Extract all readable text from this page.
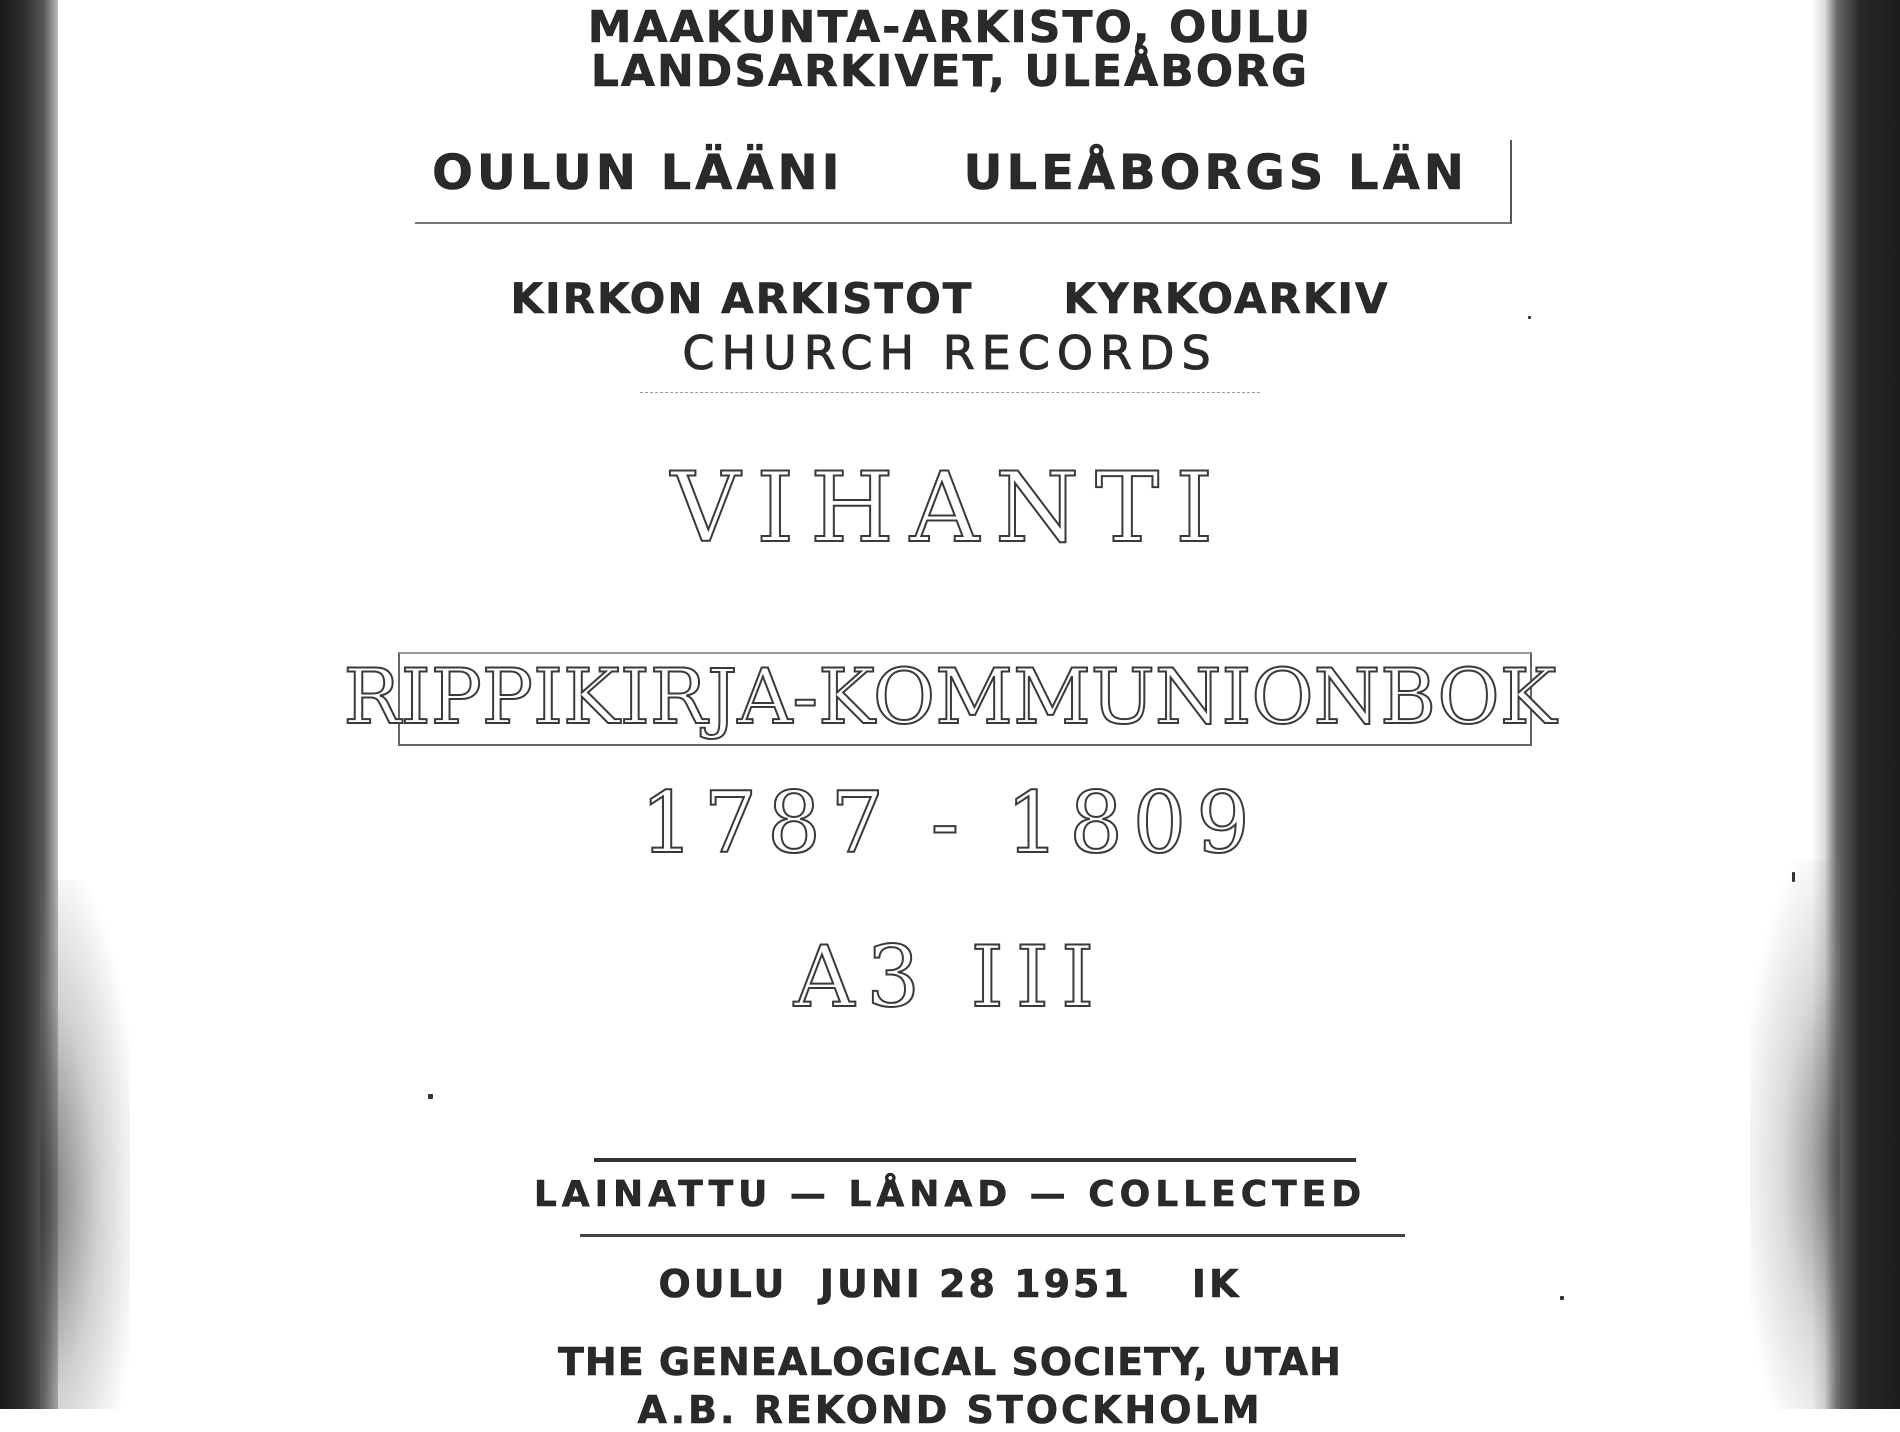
MAAKUNTA-ARKISTO, OULU

LANDSARKIVET, ULEÅBORG

OULUN LÄÄNI	ULEÅBORGS LÄN

KIRKON ARKISTOT KYRKOARKIV

CHURCH RECORDS

VIHANTI

RIPPIKIRJA-KOMMUNIONBOK

1787 - 1809

A3 III

LAINATTU — LÅNAD — COLLECTED

OULU JUNI 28 1951 IK

THE GENEALOGICAL SOCIETY, UTAH

A.B. REKOND STOCKHOLM
